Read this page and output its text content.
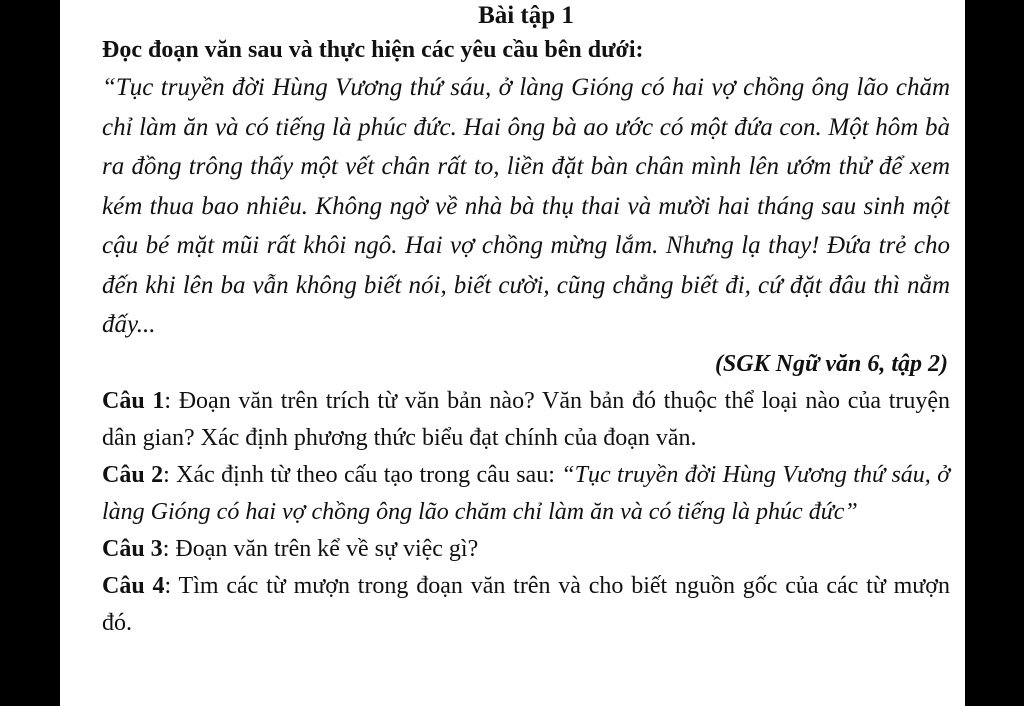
Bài tập 1
Đọc đoạn văn sau và thực hiện các yêu cầu bên dưới:

“Tục truyền đời Hùng Vương thứ sáu, ở làng Gióng có hai vợ chồng ông lão chăm chỉ làm ăn và có tiếng là phúc đức. Hai ông bà ao ước có một đứa con. Một hôm bà ra đồng trông thấy một vết chân rất to, liền đặt bàn chân mình lên ướm thử để xem kém thua bao nhiêu. Không ngờ về nhà bà thụ thai và mười hai tháng sau sinh một cậu bé mặt mũi rất khôi ngô. Hai vợ chồng mừng lắm. Nhưng lạ thay! Đứa trẻ cho đến khi lên ba vẫn không biết nói, biết cười, cũng chẳng biết đi, cứ đặt đâu thì nằm đấy...

(SGK Ngữ văn 6, tập 2)

Câu 1: Đoạn văn trên trích từ văn bản nào? Văn bản đó thuộc thể loại nào của truyện dân gian? Xác định phương thức biểu đạt chính của đoạn văn.

Câu 2: Xác định từ theo cấu tạo trong câu sau: “Tục truyền đời Hùng Vương thứ sáu, ở làng Gióng có hai vợ chồng ông lão chăm chỉ làm ăn và có tiếng là phúc đức”

Câu 3: Đoạn văn trên kể về sự việc gì?

Câu 4: Tìm các từ mượn trong đoạn văn trên và cho biết nguồn gốc của các từ mượn đó.
